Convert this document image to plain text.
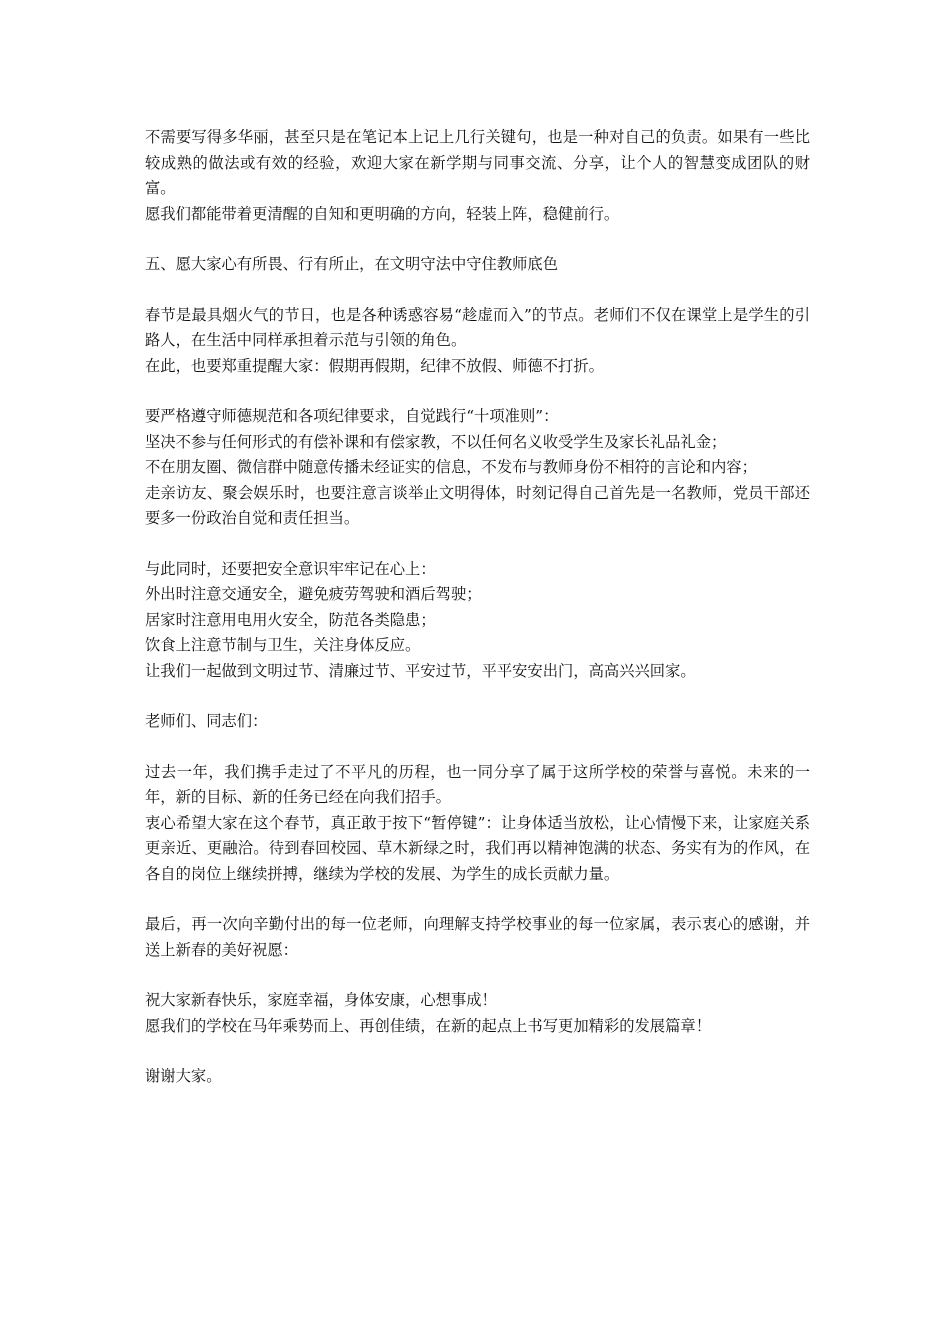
不需要写得多华丽，甚至只是在笔记本上记上几行关键句，也是一种对自己的负责。如果有一些比较成熟的做法或有效的经验，欢迎大家在新学期与同事交流、分享，让个人的智慧变成团队的财富。

愿我们都能带着更清醒的自知和更明确的方向，轻装上阵，稳健前行。

五、愿大家心有所畏、行有所止，在文明守法中守住教师底色

春节是最具烟火气的节日，也是各种诱惑容易“趁虚而入”的节点。老师们不仅在课堂上是学生的引路人，在生活中同样承担着示范与引领的角色。

在此，也要郑重提醒大家：假期再假期，纪律不放假、师德不打折。

要严格遵守师德规范和各项纪律要求，自觉践行“十项准则”：

坚决不参与任何形式的有偿补课和有偿家教，不以任何名义收受学生及家长礼品礼金；

不在朋友圈、微信群中随意传播未经证实的信息，不发布与教师身份不相符的言论和内容；

走亲访友、聚会娱乐时，也要注意言谈举止文明得体，时刻记得自己首先是一名教师，党员干部还要多一份政治自觉和责任担当。

与此同时，还要把安全意识牢牢记在心上：

外出时注意交通安全，避免疲劳驾驶和酒后驾驶；

居家时注意用电用火安全，防范各类隐患；

饮食上注意节制与卫生，关注身体反应。

让我们一起做到文明过节、清廉过节、平安过节，平平安安出门，高高兴兴回家。

老师们、同志们：

过去一年，我们携手走过了不平凡的历程，也一同分享了属于这所学校的荣誉与喜悦。未来的一年，新的目标、新的任务已经在向我们招手。

衷心希望大家在这个春节，真正敢于按下“暂停键”：让身体适当放松，让心情慢下来，让家庭关系更亲近、更融洽。待到春回校园、草木新绿之时，我们再以精神饱满的状态、务实有为的作风，在各自的岗位上继续拼搏，继续为学校的发展、为学生的成长贡献力量。

最后，再一次向辛勤付出的每一位老师，向理解支持学校事业的每一位家属，表示衷心的感谢，并送上新春的美好祝愿：

祝大家新春快乐，家庭幸福，身体安康，心想事成！

愿我们的学校在马年乘势而上、再创佳绩，在新的起点上书写更加精彩的发展篇章！

谢谢大家。
